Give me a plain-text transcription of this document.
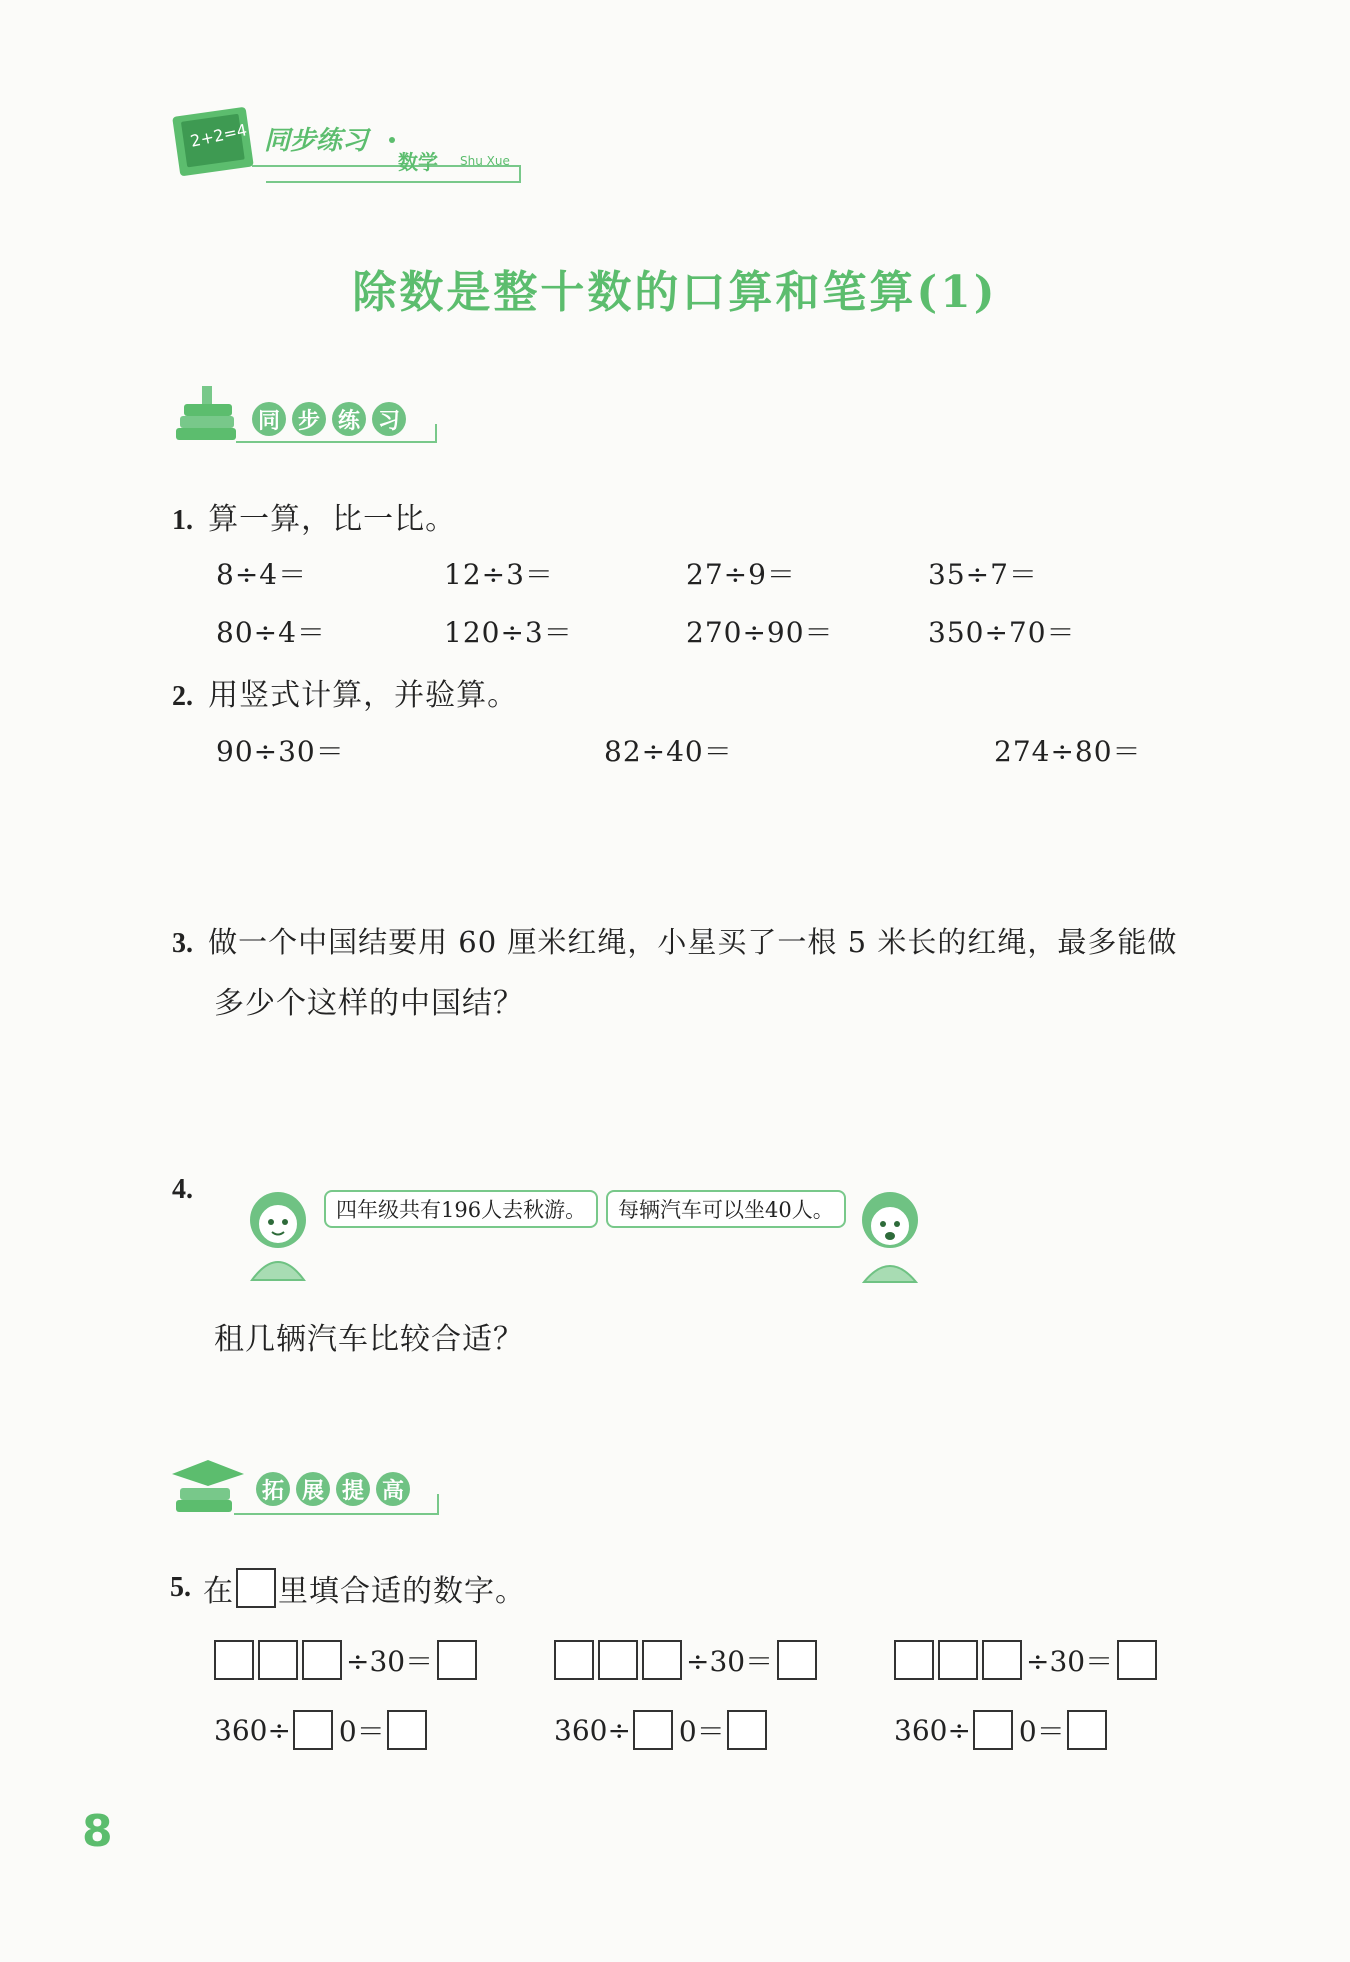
2+2=4 同步练习
数学 Shu Xue
除数是整十数的口算和笔算(1)
同 步 练 习
1. 算一算，比一比。
8÷4＝	12÷3＝	27÷9＝	35÷7＝
80÷4＝	120÷3＝	270÷90＝	350÷70＝
2. 用竖式计算，并验算。
90÷30＝	82÷40＝	274÷80＝
3. 做一个中国结要用 60 厘米红绳，小星买了一根 5 米长的红绳，最多能做
多少个这样的中国结？
4.
四年级共有196人去秋游。	每辆汽车可以坐40人。
租几辆汽车比较合适？
拓 展 提 高
5. 在 里填合适的数字。
÷30＝	÷30＝	÷30＝
360÷ 0＝	360÷ 0＝	360÷ 0＝
8
